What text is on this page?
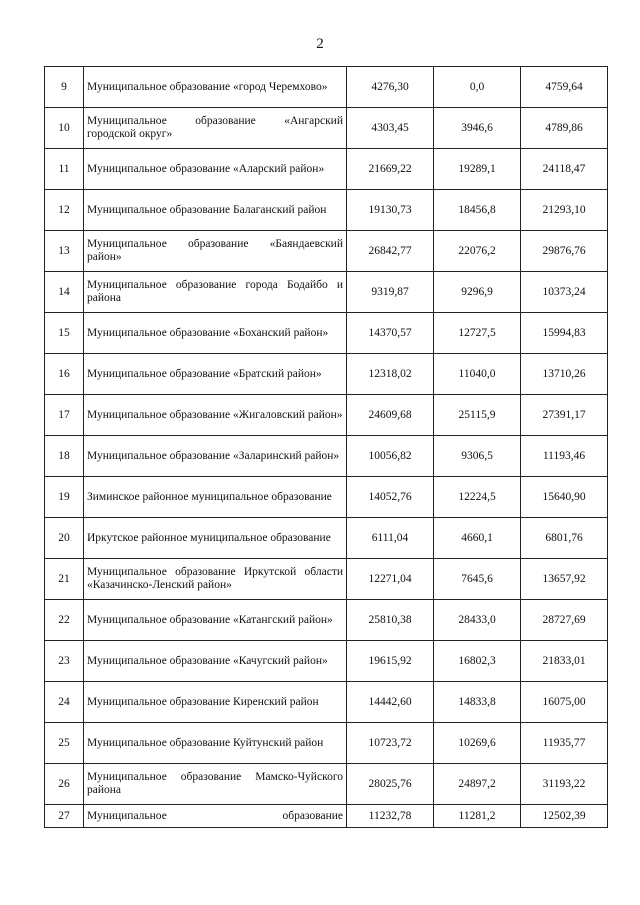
2
9	Муниципальное образование «город Черемхово»	4276,30	0,0	4759,64
10	Муниципальное образование «Ангарский городской округ»	4303,45	3946,6	4789,86
11	Муниципальное образование «Аларский район»	21669,22	19289,1	24118,47
12	Муниципальное образование Балаганский район	19130,73	18456,8	21293,10
13	Муниципальное образование «Баяндаевский район»	26842,77	22076,2	29876,76
14	Муниципальное образование города Бодайбо и района	9319,87	9296,9	10373,24
15	Муниципальное образование «Боханский район»	14370,57	12727,5	15994,83
16	Муниципальное образование «Братский район»	12318,02	11040,0	13710,26
17	Муниципальное образование «Жигаловский район»	24609,68	25115,9	27391,17
18	Муниципальное образование «Заларинский район»	10056,82	9306,5	11193,46
19	Зиминское районное муниципальное образование	14052,76	12224,5	15640,90
20	Иркутское районное муниципальное образование	6111,04	4660,1	6801,76
21	Муниципальное образование Иркутской области «Казачинско-Ленский район»	12271,04	7645,6	13657,92
22	Муниципальное образование «Катангский район»	25810,38	28433,0	28727,69
23	Муниципальное образование «Качугский район»	19615,92	16802,3	21833,01
24	Муниципальное образование Киренский район	14442,60	14833,8	16075,00
25	Муниципальное образование Куйтунский район	10723,72	10269,6	11935,77
26	Муниципальное образование Мамско-Чуйского района	28025,76	24897,2	31193,22
27	Муниципальное образование	11232,78	11281,2	12502,39
